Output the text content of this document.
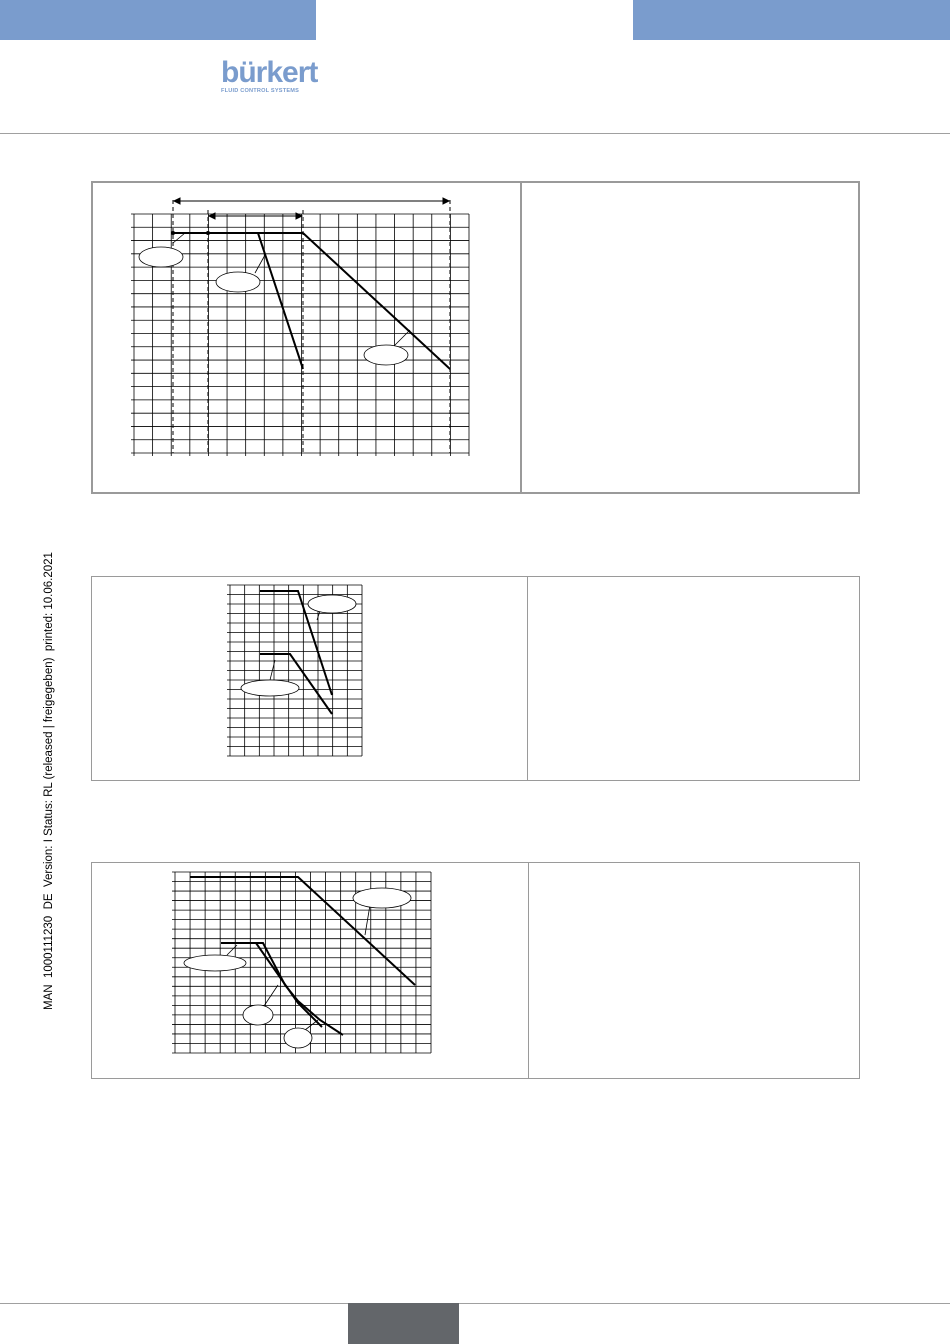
bürkert
FLUID CONTROL SYSTEMS
MAN  1000111230  DE  Version: I Status: RL (released | freigegeben)  printed: 10.06.2021
